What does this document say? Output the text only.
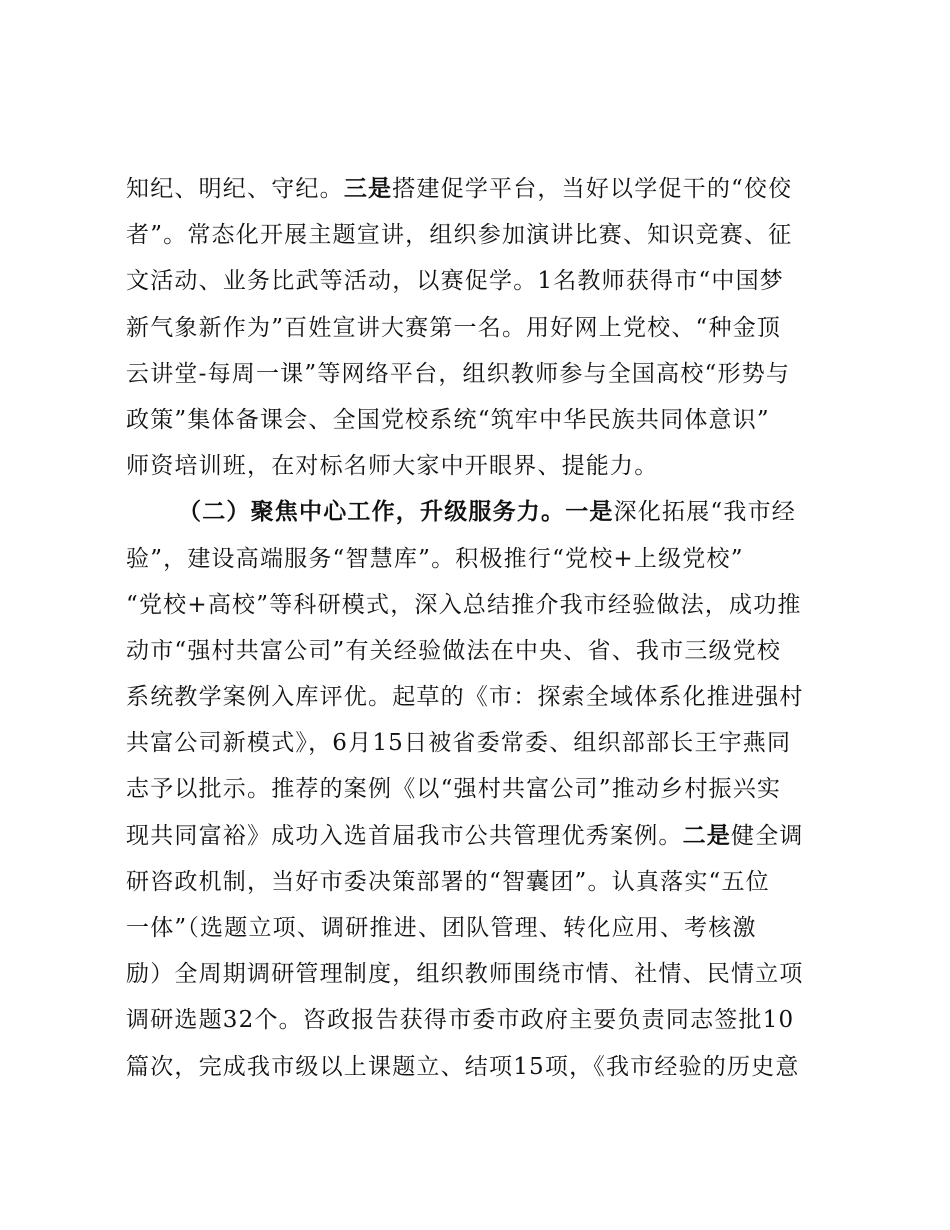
知纪、明纪、守纪。三是搭建促学平台，当好以学促干的“佼佼
者”。常态化开展主题宣讲，组织参加演讲比赛、知识竞赛、征
文活动、业务比武等活动，以赛促学。1名教师获得市“中国梦
新气象新作为”百姓宣讲大赛第一名。用好网上党校、“种金顶
云讲堂-每周一课”等网络平台，组织教师参与全国高校“形势与
政策”集体备课会、全国党校系统“筑牢中华民族共同体意识”
师资培训班，在对标名师大家中开眼界、提能力。
（二）聚焦中心工作，升级服务力。一是深化拓展“我市经
验”，建设高端服务“智慧库”。积极推行“党校+上级党校”
“党校+高校”等科研模式，深入总结推介我市经验做法，成功推
动市“强村共富公司”有关经验做法在中央、省、我市三级党校
系统教学案例入库评优。起草的《市：探索全域体系化推进强村
共富公司新模式》，6月15日被省委常委、组织部部长王宇燕同
志予以批示。推荐的案例《以“强村共富公司”推动乡村振兴实
现共同富裕》成功入选首届我市公共管理优秀案例。二是健全调
研咨政机制，当好市委决策部署的“智囊团”。认真落实“五位
一体”（选题立项、调研推进、团队管理、转化应用、考核激
励）全周期调研管理制度，组织教师围绕市情、社情、民情立项
调研选题32个。咨政报告获得市委市政府主要负责同志签批10
篇次，完成我市级以上课题立、结项15项，《我市经验的历史意
